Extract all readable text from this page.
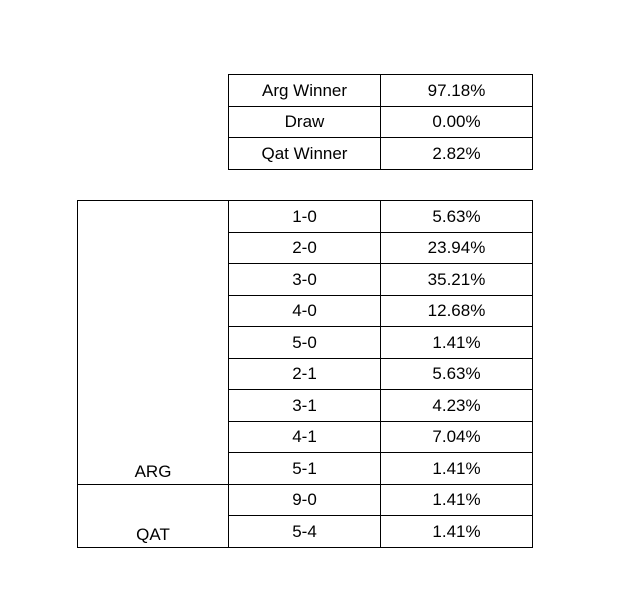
Arg Winner	97.18%
Draw	0.00%
Qat Winner	2.82%
ARG	1-0	5.63%
	2-0	23.94%
	3-0	35.21%
	4-0	12.68%
	5-0	1.41%
	2-1	5.63%
	3-1	4.23%
	4-1	7.04%
	5-1	1.41%
QAT	9-0	1.41%
	5-4	1.41%
